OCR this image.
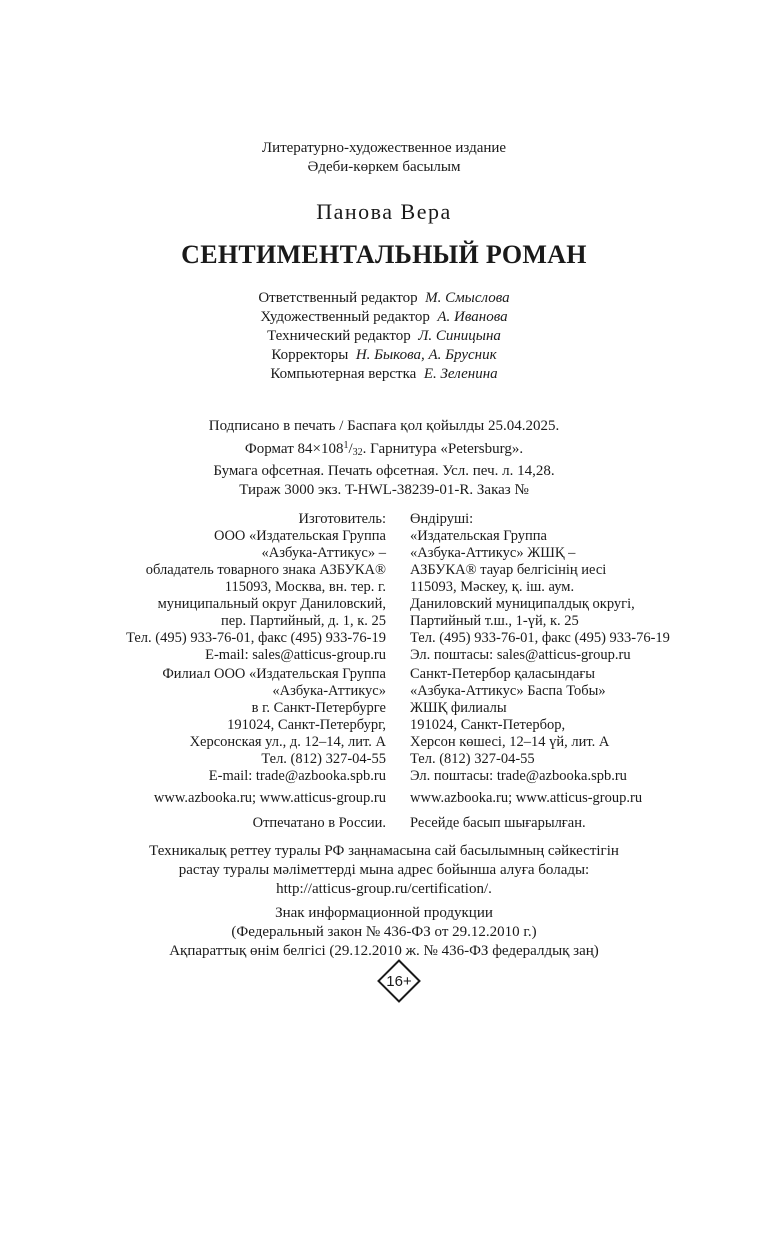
Литературно-художественное издание
Әдеби-көркем басылым
Панова Вера
СЕНТИМЕНТАЛЬНЫЙ РОМАН
Ответственный редактор М. Смыслова
Художественный редактор А. Иванова
Технический редактор Л. Синицына
Корректоры Н. Быкова, А. Брусник
Компьютерная верстка Е. Зеленина
Подписано в печать / Баспаға қол қойылды 25.04.2025.
Формат $84\times 108^1/_{32}$. Гарнитура «Petersburg».
Бумага офсетная. Печать офсетная. Усл. печ. л. 14,28.
Тираж 3000 экз. T-HWL-38239-01-R. Заказ №
Изготовитель:
ООО «Издательская Группа
«Азбука-Аттикус» –
обладатель товарного знака АЗБУКА®
115093, Москва, вн. тер. г.
муниципальный округ Даниловский,
пер. Партийный, д. 1, к. 25
Тел. (495) 933-76-01, факс (495) 933-76-19
E-mail: sales@atticus-group.ru
Өндіруші:
«Издательская Группа
«Азбука-Аттикус» ЖШҚ –
АЗБУКА® тауар белгісінің иесі
115093, Мәскеу, қ. іш. аум.
Даниловский муниципалдық округі,
Партийный т.ш., 1-үй, к. 25
Тел. (495) 933-76-01, факс (495) 933-76-19
Эл. поштасы: sales@atticus-group.ru
Филиал ООО «Издательская Группа
«Азбука-Аттикус»
в г. Санкт-Петербурге
191024, Санкт-Петербург,
Херсонская ул., д. 12–14, лит. А
Тел. (812) 327-04-55
E-mail: trade@azbooka.spb.ru
Санкт-Петербор қаласындағы
«Азбука-Аттикус» Баспа Тобы»
ЖШҚ филиалы
191024, Санкт-Петербор,
Херсон көшесі, 12–14 үй, лит. А
Тел. (812) 327-04-55
Эл. поштасы: trade@azbooka.spb.ru
www.azbooka.ru; www.atticus-group.ru www.azbooka.ru; www.atticus-group.ru
Отпечатано в России. Ресейде басып шығарылған.
Техникалық реттеу туралы РФ заңнамасына сай басылымның сәйкестігін
растау туралы мәліметтерді мына адрес бойынша алуға болады:
http://atticus-group.ru/certification/.
Знак информационной продукции
(Федеральный закон № 436-ФЗ от 29.12.2010 г.)
Ақпараттық өнім белгісі (29.12.2010 ж. № 436-ФЗ федералдық заң)
16+
